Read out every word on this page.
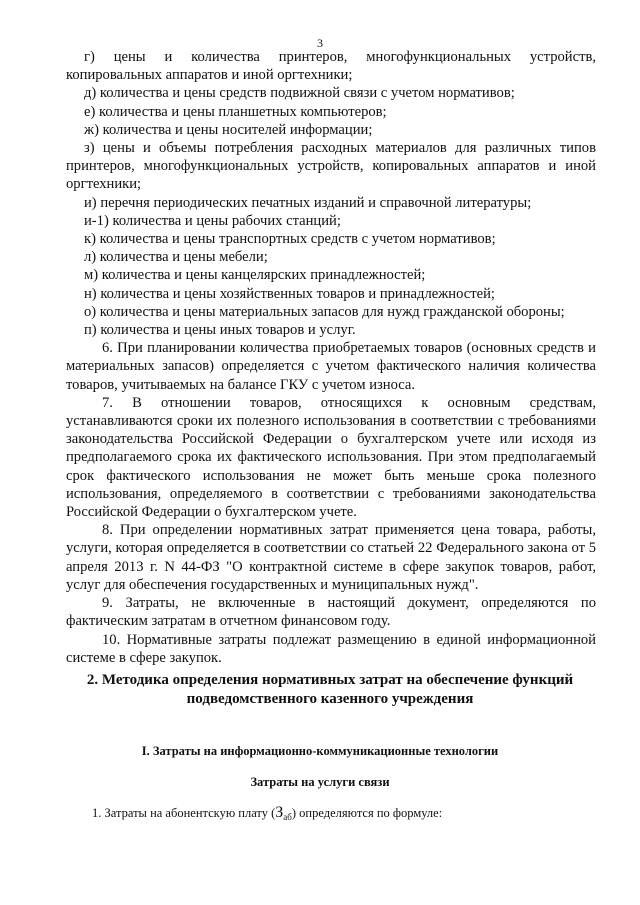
3

г) цены и количества принтеров, многофункциональных устройств, копировальных аппаратов и иной оргтехники;

д) количества и цены средств подвижной связи с учетом нормативов;

е) количества и цены планшетных компьютеров;

ж) количества и цены носителей информации;

з) цены и объемы потребления расходных материалов для различных типов принтеров, многофункциональных устройств, копировальных аппаратов и иной оргтехники;

и) перечня периодических печатных изданий и справочной литературы;

и-1) количества и цены рабочих станций;

к) количества и цены транспортных средств с учетом нормативов;

л) количества и цены мебели;

м) количества и цены канцелярских принадлежностей;

н) количества и цены хозяйственных товаров и принадлежностей;

о) количества и цены материальных запасов для нужд гражданской обороны;

п) количества и цены иных товаров и услуг.

6. При планировании количества приобретаемых товаров (основных средств и материальных запасов) определяется с учетом фактического наличия количества товаров, учитываемых на балансе ГКУ с учетом износа.

7. В отношении товаров, относящихся к основным средствам, устанавливаются сроки их полезного использования в соответствии с требованиями законодательства Российской Федерации о бухгалтерском учете или исходя из предполагаемого срока их фактического использования. При этом предполагаемый срок фактического использования не может быть меньше срока полезного использования, определяемого в соответствии с требованиями законодательства Российской Федерации о бухгалтерском учете.

8. При определении нормативных затрат применяется цена товара, работы, услуги, которая определяется в соответствии со статьей 22 Федерального закона от 5 апреля 2013 г. N 44-ФЗ "О контрактной системе в сфере закупок товаров, работ, услуг для обеспечения государственных и муниципальных нужд".

9. Затраты, не включенные в настоящий документ, определяются по фактическим затратам в отчетном финансовом году.

10. Нормативные затраты подлежат размещению в единой информационной системе в сфере закупок.

2. Методика определения нормативных затрат на обеспечение функций
подведомственного казенного учреждения
I. Затраты на информационно-коммуникационные технологии
Затраты на услуги связи
1. Затраты на абонентскую плату $(З_{аб})$ определяются по формуле:
